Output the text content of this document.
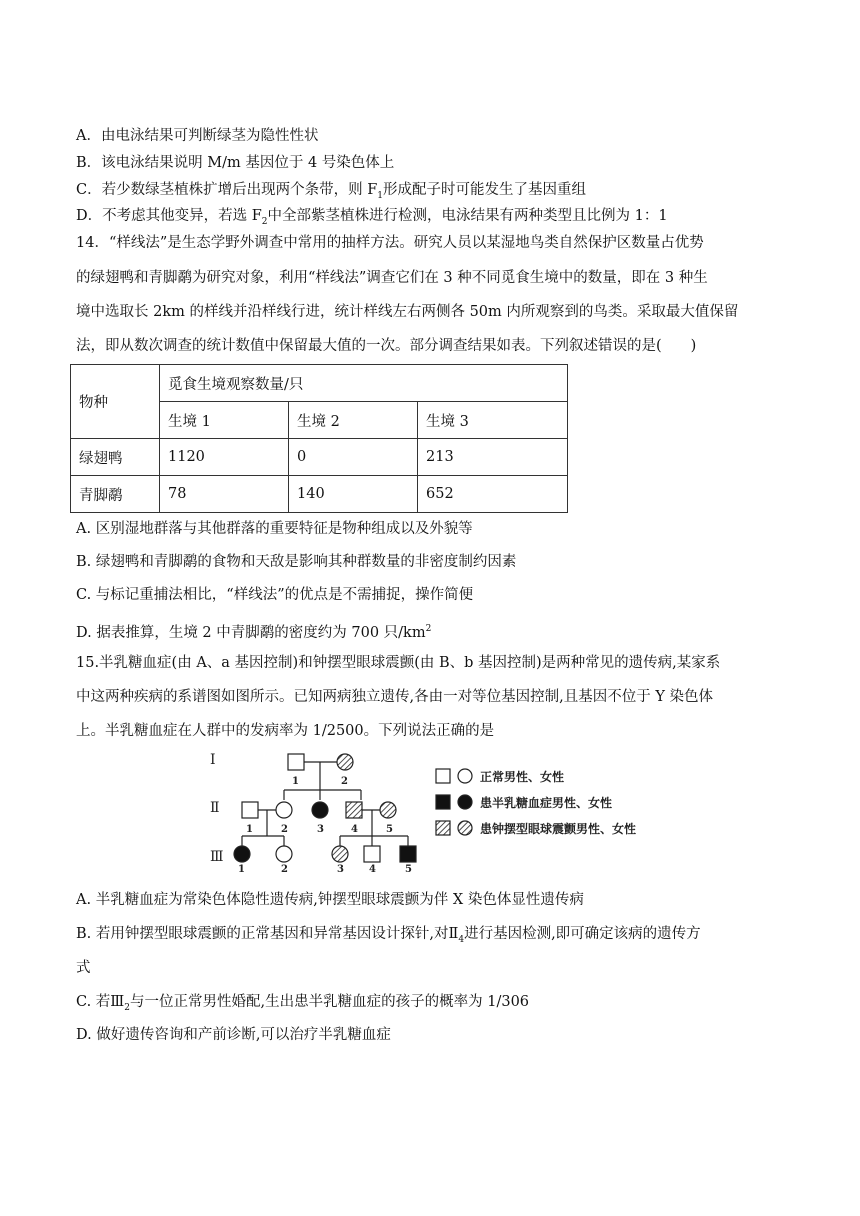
A．由电泳结果可判断绿茎为隐性性状
B．该电泳结果说明 M/m 基因位于 4 号染色体上
C．若少数绿茎植株扩增后出现两个条带，则 $F_1$形成配子时可能发生了基因重组
D．不考虑其他变异，若选 $F_2$中全部紫茎植株进行检测，电泳结果有两种类型且比例为 1：1
14．“样线法”是生态学野外调查中常用的抽样方法。研究人员以某湿地鸟类自然保护区数量占优势
的绿翅鸭和青脚鹬为研究对象，利用“样线法”调查它们在 3 种不同觅食生境中的数量，即在 3 种生
境中选取长 2km 的样线并沿样线行进，统计样线左右两侧各 50m 内所观察到的鸟类。采取最大值保留
法，即从数次调查的统计数值中保留最大值的一次。部分调查结果如表。下列叙述错误的是(　　)
物种	觅食生境观察数量/只		
	生境 1	生境 2	生境 3
绿翅鸭	1120	0	213
青脚鹬	78	140	652
A. 区别湿地群落与其他群落的重要特征是物种组成以及外貌等
B. 绿翅鸭和青脚鹬的食物和天敌是影响其种群数量的非密度制约因素
C. 与标记重捕法相比，“样线法”的优点是不需捕捉，操作简便
D. 据表推算，生境 2 中青脚鹬的密度约为 700 只$/km^2$
15.半乳糖血症(由 A、a 基因控制)和钟摆型眼球震颤(由 B、b 基因控制)是两种常见的遗传病,某家系
中这两种疾病的系谱图如图所示。已知两病独立遗传,各由一对等位基因控制,且基因不位于 Y 染色体
上。半乳糖血症在人群中的发病率为 1/2500。下列说法正确的是
Ⅰ
Ⅱ
Ⅲ
1	2
1	2	3	4	5
1	2	3	4	5
正常男性、女性
患半乳糖血症男性、女性
患钟摆型眼球震颤男性、女性
A. 半乳糖血症为常染色体隐性遗传病,钟摆型眼球震颤为伴 X 染色体显性遗传病
B. 若用钟摆型眼球震颤的正常基因和异常基因设计探针,对$Ⅱ_4$进行基因检测,即可确定该病的遗传方
式
C. 若$Ⅲ_2$与一位正常男性婚配,生出患半乳糖血症的孩子的概率为 1/306
D. 做好遗传咨询和产前诊断,可以治疗半乳糖血症
